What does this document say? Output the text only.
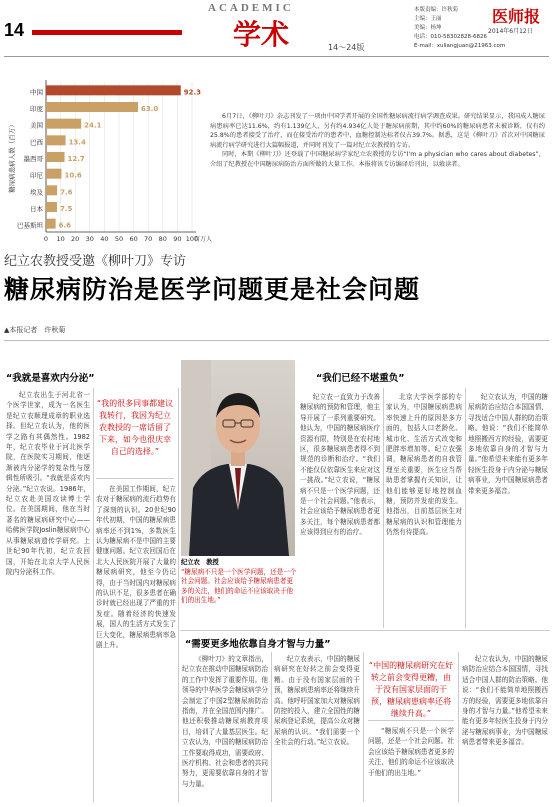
14
ACADEMIC
学术	14～24版
本版责编：许秋菊
主编：王丽
美编：杨坤
电话：010-58302828-6826
E-mail：xuliangjuan@21963.com
医师报
2014年6月12日
0 10 20 30 40 50 60 70 80 90 100
百万人
糖尿病患病人数（百万）
中国	92.3
印度	63.0
美国	24.1
巴西	13.4
墨西哥	12.7
印尼	10.6
埃及 7.6
日本 7.5
巴基斯坦 6.6

6月7日，《柳叶刀》杂志刊发了一项由中国学者开展的全国性糖尿病流行病学调查成果。研究结果显示，我国成人糖尿病患病率已达11.6%，约有1.139亿人，另有约4.934亿人处于糖尿病前期，其中约60%的糖尿病患者未被诊断，仅有约25.8%的患者接受了治疗，而在接受治疗的患者中，血糖控制达标者仅占39.7%。据悉，这是《柳叶刀》首次对中国糖尿病流行病学研究进行大篇幅报道，并同时刊发了一篇对纪立农教授的专访。

同时，本期《柳叶刀》还登载了中国糖尿病学家纪立农教授的专访“I'm a physician who cares about diabetes”，介绍了纪教授在中国糖尿病防治方面所做的大量工作。本报将该专访编译后刊出，以飨读者。

纪立农教授受邀《柳叶刀》专访
糖尿病防治是医学问题更是社会问题
▲本报记者　许秋菊
“我就是喜欢内分泌”
纪立农出生于河北省一个医学世家，成为一名医生是纪立农顺理成章的职业选择。但纪立农认为，他的医学之路有其偶然性。1982年，纪立农毕业于河北医学院，在医院实习期间，他逐渐被内分泌学的复杂性与逻辑性所吸引。“我就是喜欢内分泌。”纪立农说。1986年，纪立农赴美国攻读博士学位。在美国期间，他在当时著名的糖尿病研究中心——哈佛医学院Joslin糖尿病中心从事糖尿病遗传学研究。上世纪90年代初，纪立农回国，开始在北京大学人民医院内分泌科工作。
“我的很多同事都建议我转行，我因为纪立农教授的一席话留了下来，如今也很庆幸自己的选择。”
在美国工作期间，纪立农对于糖尿病的流行趋势有了深刻的认识。20世纪90年代初期，中国的糖尿病患病率还不到1%，多数医生认为糖尿病不是中国的主要健康问题。纪立农回国后在北大人民医院开展了大量的糖尿病研究，他至今仍记得，由于当时国内对糖尿病的认识不足，很多患者在确诊时就已经出现了严重的并发症。随着经济的快速发展，国人的生活方式发生了巨大变化，糖尿病患病率急剧上升。
纪立农　教授
“糖尿病不只是一个医学问题，还是一个社会问题。社会应该给予糖尿病患者更多的关注，他们的命运不应该取决于他们的出生地。”
“我们已经不堪重负”
纪立农一直致力于改善糖尿病的预防和管理，他主导开展了一系列重要研究。他认为，中国的糖尿病医疗资源有限，特别是在农村地区，很多糖尿病患者得不到规范的诊断和治疗。“我们不能仅仅依靠医生来应对这一挑战。”纪立农说，“糖尿病不只是一个医学问题，还是一个社会问题。”他表示，社会应该给予糖尿病患者更多关注，每个糖尿病患者都应该得到应有的治疗。
北京大学医学部的专家认为，中国糖尿病患病率快速上升的原因是多方面的，包括人口老龄化、城市化、生活方式改变和肥胖率增加等。纪立农强调，糖尿病患者的自我管理至关重要，医生应当帮助患者掌握有关知识，让他们能够更好地控制血糖，预防并发症的发生。他指出，目前基层医生对糖尿病的认识和管理能力仍然有待提高。
纪立农认为，中国的糖尿病防治应结合本国国情，寻找适合中国人群的防治策略。他说：“我们不能简单地照搬西方的经验，需要更多地依靠自身的才智与力量。”他希望未来能有更多年轻医生投身于内分泌与糖尿病事业，为中国糖尿病患者带来更多福音。
“需要更多地依靠自身才智与力量”
《柳叶刀》的文章指出，纪立农在推动中国糖尿病防治的工作中发挥了重要作用。他领导的中华医学会糖尿病学分会制定了中国2型糖尿病防治指南，并在全国范围内推广。他还积极推动糖尿病教育项目，培训了大量基层医生。纪立农认为，中国的糖尿病防治工作要取得成功，需要政府、医疗机构、社会和患者的共同努力，更需要依靠自身的才智与力量。
纪立农表示，中国的糖尿病研究在好转之前会变得更糟。由于没有国家层面的干预，糖尿病患病率还将继续升高。他呼吁国家加大对糖尿病防控的投入，建立全国性的糖尿病登记系统，提高公众对糖尿病的认识。“我们需要一个全社会的行动。”纪立农说。
“中国的糖尿病研究在好转之前会变得更糟，由于没有国家层面的干预，糖尿病患病率还将继续升高。”
“糖尿病不只是一个医学问题，还是一个社会问题。社会应该给予糖尿病患者更多的关注，他们的命运不应该取决于他们的出生地。”
纪立农认为，中国的糖尿病防治应结合本国国情，寻找适合中国人群的防治策略。他说：“我们不能简单地照搬西方的经验，需要更多地依靠自身的才智与力量。”他希望未来能有更多年轻医生投身于内分泌与糖尿病事业，为中国糖尿病患者带来更多福音。
